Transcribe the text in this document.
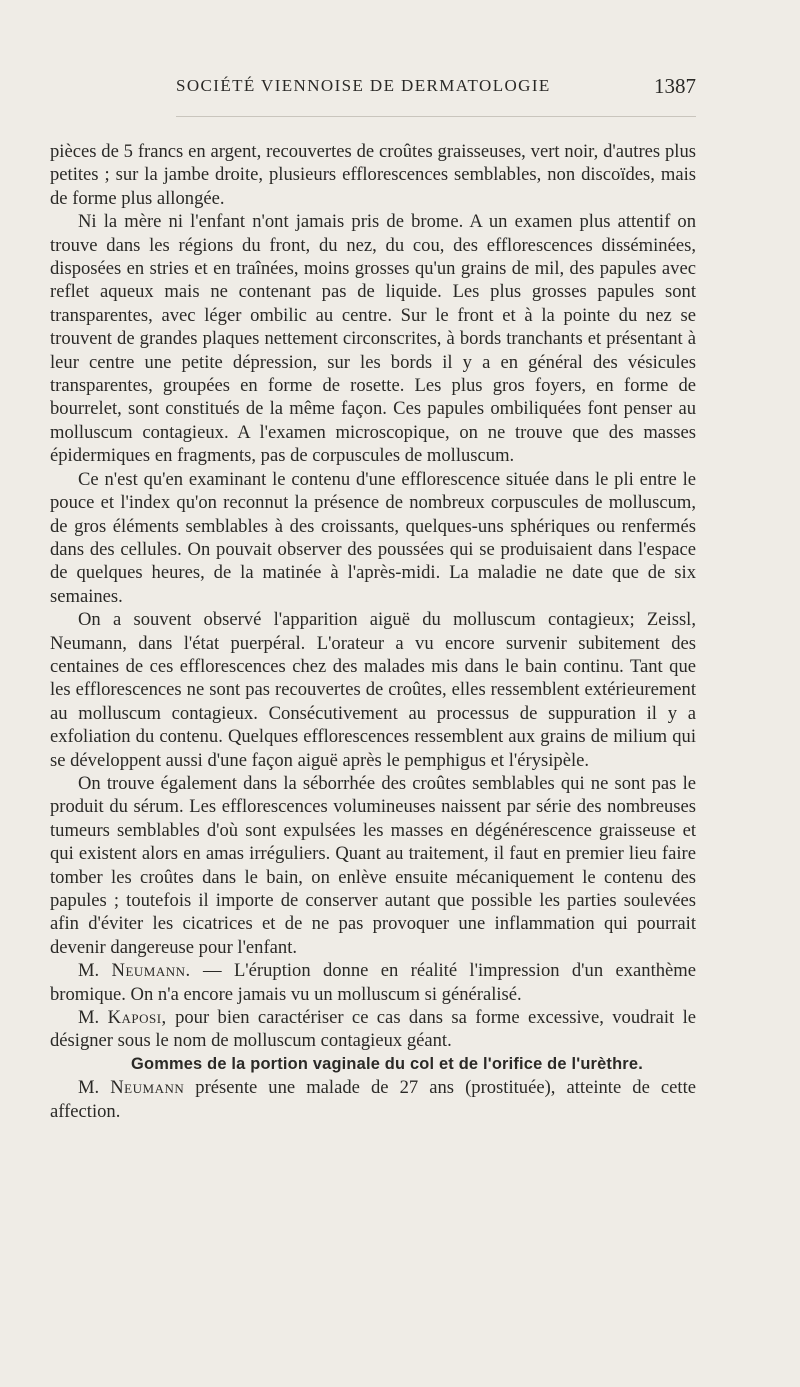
SOCIÉTÉ VIENNOISE DE DERMATOLOGIE	1387

pièces de 5 francs en argent, recouvertes de croûtes graisseuses, vert noir, d'autres plus petites ; sur la jambe droite, plusieurs efflorescences semblables, non discoïdes, mais de forme plus allongée.

Ni la mère ni l'enfant n'ont jamais pris de brome. A un examen plus attentif on trouve dans les régions du front, du nez, du cou, des efflorescences disséminées, disposées en stries et en traînées, moins grosses qu'un grains de mil, des papules avec reflet aqueux mais ne contenant pas de liquide. Les plus grosses papules sont transparentes, avec léger ombilic au centre. Sur le front et à la pointe du nez se trouvent de grandes plaques nettement circonscrites, à bords tranchants et présentant à leur centre une petite dépression, sur les bords il y a en général des vésicules transparentes, groupées en forme de rosette. Les plus gros foyers, en forme de bourrelet, sont constitués de la même façon. Ces papules ombiliquées font penser au molluscum contagieux. A l'examen microscopique, on ne trouve que des masses épidermiques en fragments, pas de corpuscules de molluscum.

Ce n'est qu'en examinant le contenu d'une efflorescence située dans le pli entre le pouce et l'index qu'on reconnut la présence de nombreux corpuscules de molluscum, de gros éléments semblables à des croissants, quelques-uns sphériques ou renfermés dans des cellules. On pouvait observer des poussées qui se produisaient dans l'espace de quelques heures, de la matinée à l'après-midi. La maladie ne date que de six semaines.

On a souvent observé l'apparition aiguë du molluscum contagieux; Zeissl, Neumann, dans l'état puerpéral. L'orateur a vu encore survenir subitement des centaines de ces efflorescences chez des malades mis dans le bain continu. Tant que les efflorescences ne sont pas recouvertes de croûtes, elles ressemblent extérieurement au molluscum contagieux. Consécutivement au processus de suppuration il y a exfoliation du contenu. Quelques efflorescences ressemblent aux grains de milium qui se développent aussi d'une façon aiguë après le pemphigus et l'érysipèle.

On trouve également dans la séborrhée des croûtes semblables qui ne sont pas le produit du sérum. Les efflorescences volumineuses naissent par série des nombreuses tumeurs semblables d'où sont expulsées les masses en dégénérescence graisseuse et qui existent alors en amas irréguliers. Quant au traitement, il faut en premier lieu faire tomber les croûtes dans le bain, on enlève ensuite mécaniquement le contenu des papules ; toutefois il importe de conserver autant que possible les parties soulevées afin d'éviter les cicatrices et de ne pas provoquer une inflammation qui pourrait devenir dangereuse pour l'enfant.

M. Neumann. — L'éruption donne en réalité l'impression d'un exanthème bromique. On n'a encore jamais vu un molluscum si généralisé.

M. Kaposi, pour bien caractériser ce cas dans sa forme excessive, voudrait le désigner sous le nom de molluscum contagieux géant.

Gommes de la portion vaginale du col et de l'orifice de l'urèthre.

M. Neumann présente une malade de 27 ans (prostituée), atteinte de cette affection.
